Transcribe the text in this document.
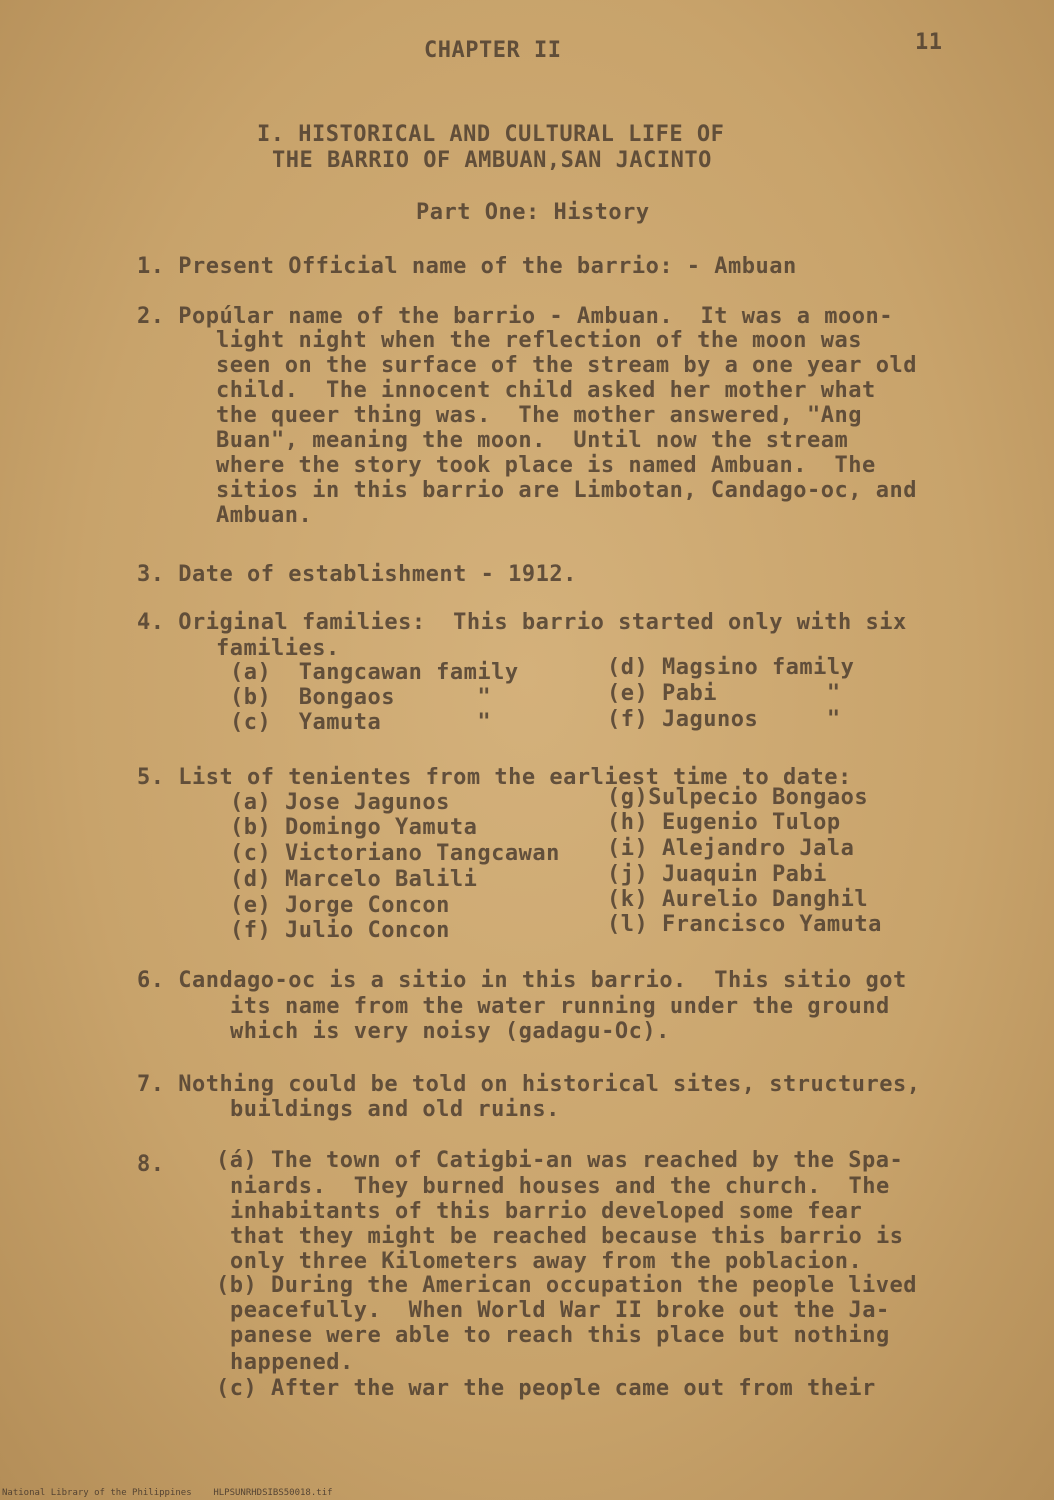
CHAPTER II	11
I. HISTORICAL AND CULTURAL LIFE OF
THE BARRIO OF AMBUAN,SAN JACINTO
Part One: History
1. Present Official name of the barrio: - Ambuan
2. Popúlar name of the barrio - Ambuan.  It was a moon-
light night when the reflection of the moon was
seen on the surface of the stream by a one year old
child.  The innocent child asked her mother what
the queer thing was.  The mother answered, "Ang
Buan", meaning the moon.  Until now the stream
where the story took place is named Ambuan.  The
sitios in this barrio are Limbotan, Candago-oc, and
Ambuan.
3. Date of establishment - 1912.
4. Original families:  This barrio started only with six
families.
(a)  Tangcawan family
(b)  Bongaos      "
(c)  Yamuta       "
(d) Magsino family
(e) Pabi        "
(f) Jagunos     "
5. List of tenientes from the earliest time to date:
(a) Jose Jagunos
(b) Domingo Yamuta
(c) Victoriano Tangcawan
(d) Marcelo Balili
(e) Jorge Concon
(f) Julio Concon
(g)Sulpecio Bongaos
(h) Eugenio Tulop
(i) Alejandro Jala
(j) Juaquin Pabi
(k) Aurelio Danghil
(l) Francisco Yamuta
6. Candago-oc is a sitio in this barrio.  This sitio got
its name from the water running under the ground
which is very noisy (gadagu-Oc).
7. Nothing could be told on historical sites, structures,
buildings and old ruins.
8. (á) The town of Catigbi-an was reached by the Spa-
niards.  They burned houses and the church.  The
inhabitants of this barrio developed some fear
that they might be reached because this barrio is
only three Kilometers away from the poblacion.
(b) During the American occupation the people lived
peacefully.  When World War II broke out the Ja-
panese were able to reach this place but nothing
happened.
(c) After the war the people came out from their
National Library of the Philippines    HLPSUNRHDSIBS50018.tif
